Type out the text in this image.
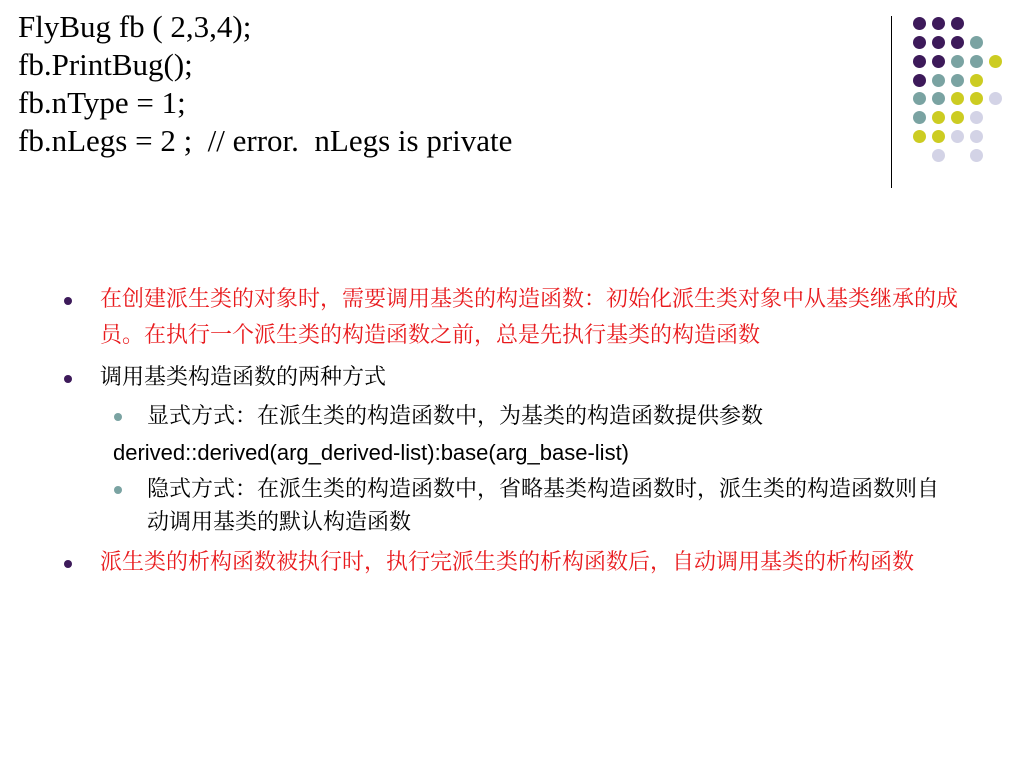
FlyBug fb ( 2,3,4);
fb.PrintBug();
fb.nType = 1;
fb.nLegs = 2 ;  // error.  nLegs is private
在创建派生类的对象时，需要调用基类的构造函数：初始化派生类对象中从基类继承的成员。在执行一个派生类的构造函数之前，总是先执行基类的构造函数
调用基类构造函数的两种方式
显式方式：在派生类的构造函数中，为基类的构造函数提供参数
derived::derived(arg_derived-list):base(arg_base-list)
隐式方式：在派生类的构造函数中，省略基类构造函数时，派生类的构造函数则自动调用基类的默认构造函数
派生类的析构函数被执行时，执行完派生类的析构函数后，自动调用基类的析构函数
